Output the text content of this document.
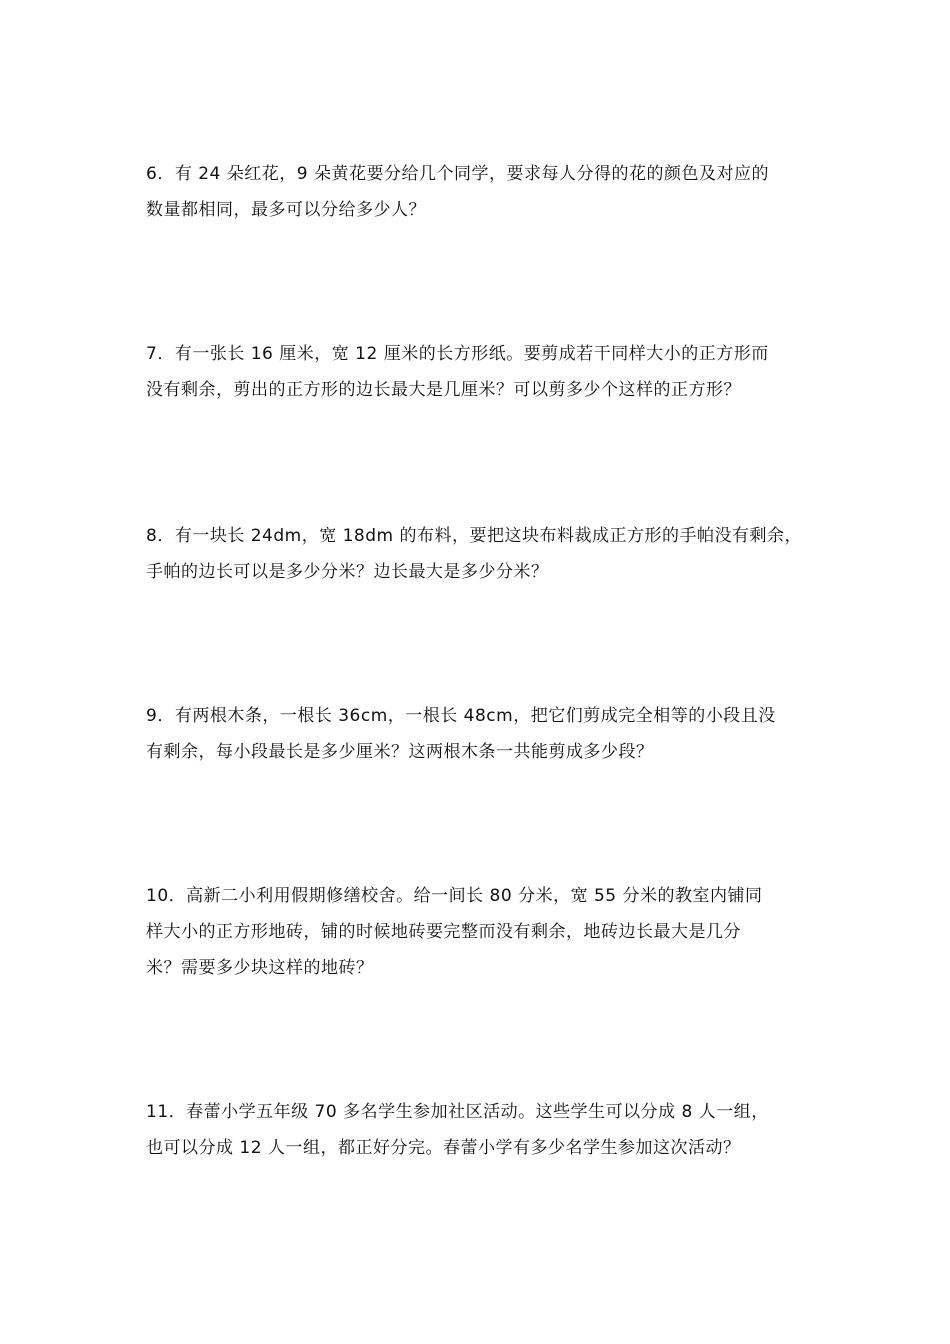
6．有 24 朵红花，9 朵黄花要分给几个同学，要求每人分得的花的颜色及对应的
数量都相同，最多可以分给多少人？
7．有一张长 16 厘米，宽 12 厘米的长方形纸。要剪成若干同样大小的正方形而
没有剩余，剪出的正方形的边长最大是几厘米？可以剪多少个这样的正方形？
8．有一块长 24dm，宽 18dm 的布料，要把这块布料裁成正方形的手帕没有剩余，
手帕的边长可以是多少分米？边长最大是多少分米？
9．有两根木条，一根长 36cm，一根长 48cm，把它们剪成完全相等的小段且没
有剩余，每小段最长是多少厘米？这两根木条一共能剪成多少段？
10．高新二小利用假期修缮校舍。给一间长 80 分米，宽 55 分米的教室内铺同
样大小的正方形地砖，铺的时候地砖要完整而没有剩余，地砖边长最大是几分
米？需要多少块这样的地砖？
11．春蕾小学五年级 70 多名学生参加社区活动。这些学生可以分成 8 人一组，
也可以分成 12 人一组，都正好分完。春蕾小学有多少名学生参加这次活动？
